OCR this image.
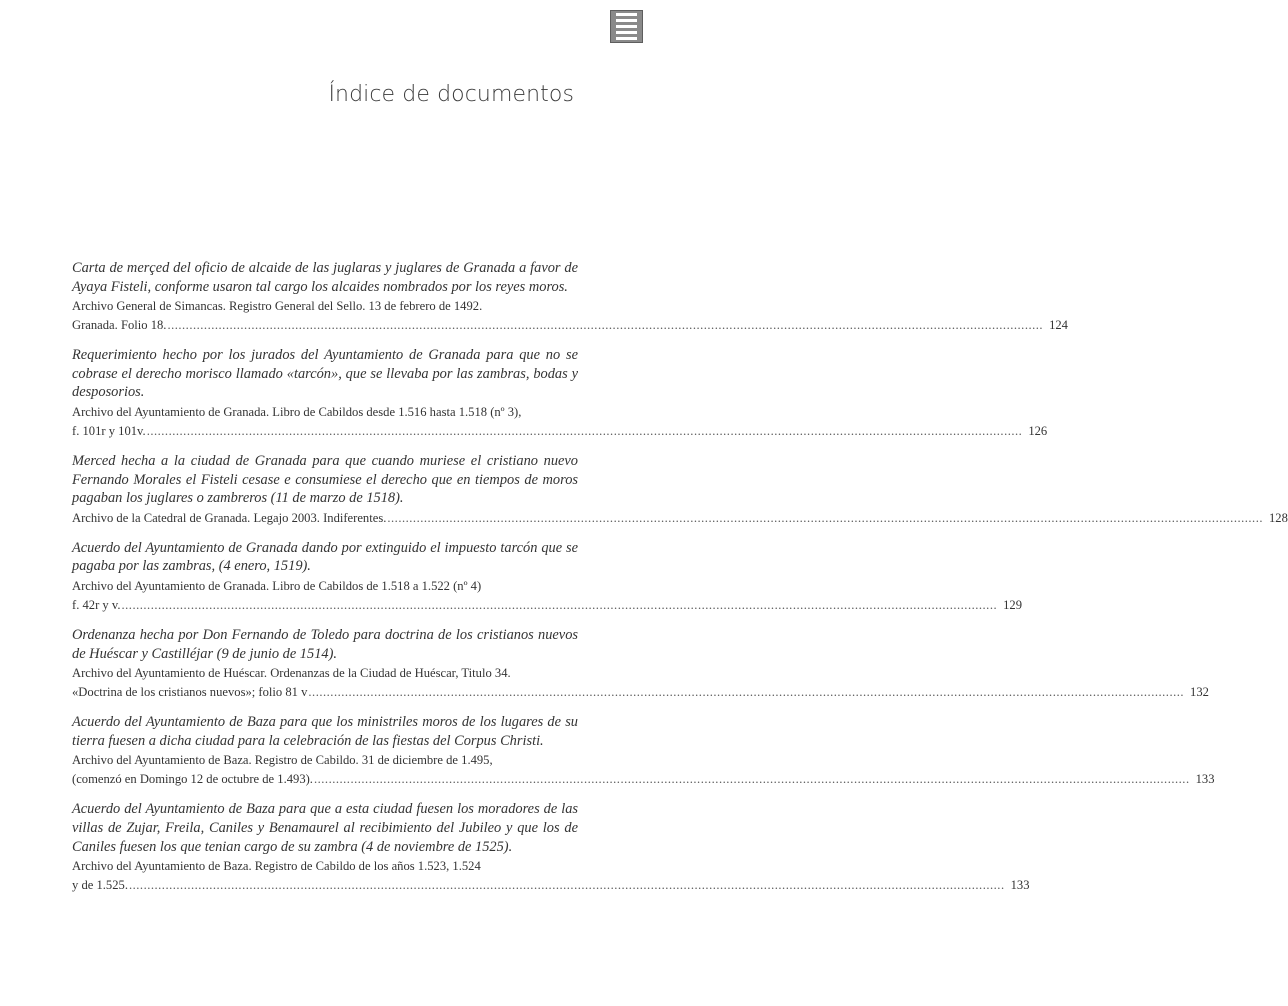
Índice de documentos
Carta de merçed del oficio de alcaide de las juglaras y juglares de Granada a favor de Ayaya Fisteli, conforme usaron tal cargo los alcaides nombrados por los reyes moros.
Archivo General de Simancas. Registro General del Sello. 13 de febrero de 1492.
Granada. Folio 18. ................................................................................................................................................................................................................................................ 124
Requerimiento hecho por los jurados del Ayuntamiento de Granada para que no se cobrase el derecho morisco llamado «tarcón», que se llevaba por las zambras, bodas y desposorios.
Archivo del Ayuntamiento de Granada. Libro de Cabildos desde 1.516 hasta 1.518 (nº 3),
f. 101r y 101v. ................................................................................................................................................................................................................................................ 126
Merced hecha a la ciudad de Granada para que cuando muriese el cristiano nuevo Fernando Morales el Fisteli cesase e consumiese el derecho que en tiempos de moros pagaban los juglares o zambreros (11 de marzo de 1518).
Archivo de la Catedral de Granada. Legajo 2003. Indiferentes. ................................................................................................................................................................................................................................................ 128
Acuerdo del Ayuntamiento de Granada dando por extinguido el impuesto tarcón que se pagaba por las zambras, (4 enero, 1519).
Archivo del Ayuntamiento de Granada. Libro de Cabildos de 1.518 a 1.522 (nº 4)
f. 42r y v. ................................................................................................................................................................................................................................................ 129
Ordenanza hecha por Don Fernando de Toledo para doctrina de los cristianos nuevos de Huéscar y Castilléjar (9 de junio de 1514).
Archivo del Ayuntamiento de Huéscar. Ordenanzas de la Ciudad de Huéscar, Titulo 34.
«Doctrina de los cristianos nuevos»; folio 81 v ................................................................................................................................................................................................................................................ 132
Acuerdo del Ayuntamiento de Baza para que los ministriles moros de los lugares de su tierra fuesen a dicha ciudad para la celebración de las fiestas del Corpus Christi.
Archivo del Ayuntamiento de Baza. Registro de Cabildo. 31 de diciembre de 1.495,
(comenzó en Domingo 12 de octubre de 1.493). ................................................................................................................................................................................................................................................ 133
Acuerdo del Ayuntamiento de Baza para que a esta ciudad fuesen los moradores de las villas de Zujar, Freila, Caniles y Benamaurel al recibimiento del Jubileo y que los de Caniles fuesen los que tenian cargo de su zambra (4 de noviembre de 1525).
Archivo del Ayuntamiento de Baza. Registro de Cabildo de los años 1.523, 1.524
y de 1.525. ................................................................................................................................................................................................................................................ 133
